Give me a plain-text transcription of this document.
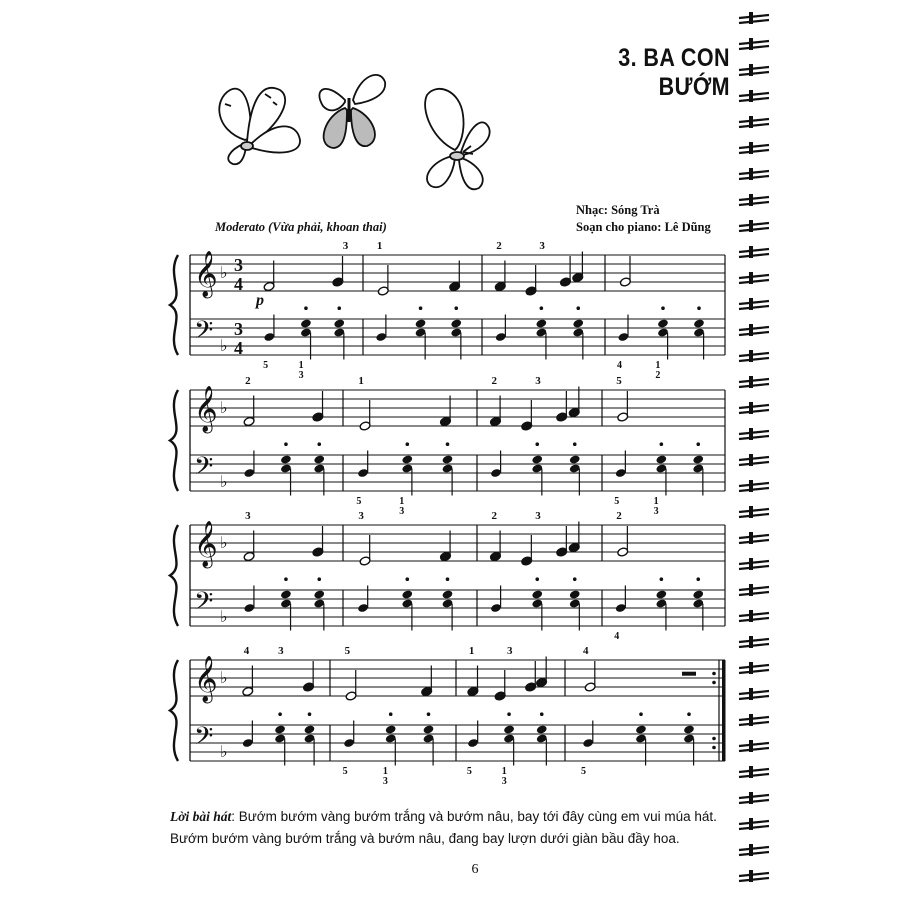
3. BA CON BƯỚM
Nhạc: Sóng Trà
Soạn cho piano: Lê Dũng
Moderato (Vừa phải, khoan thai)
𝄞 ♭ 3
4
𝄢 ♭
3
4
3
5	1
3
1	2	3
4	1
2
p
𝄞 ♭
𝄢 ♭
2	1
5	1
3
2	3	5
5	1
3
𝄞 ♭
𝄢 ♭
3	3	2	3	2
4
𝄞 ♭
𝄢 ♭
4	3	5
5	1
3
1	3
5	1
3
4
5
Lời bài hát: Bướm bướm vàng bướm trắng và bướm nâu, bay tới đây cùng em vui múa hát. Bướm bướm vàng bướm trắng và bướm nâu, đang bay lượn dưới giàn bầu đầy hoa.
6
